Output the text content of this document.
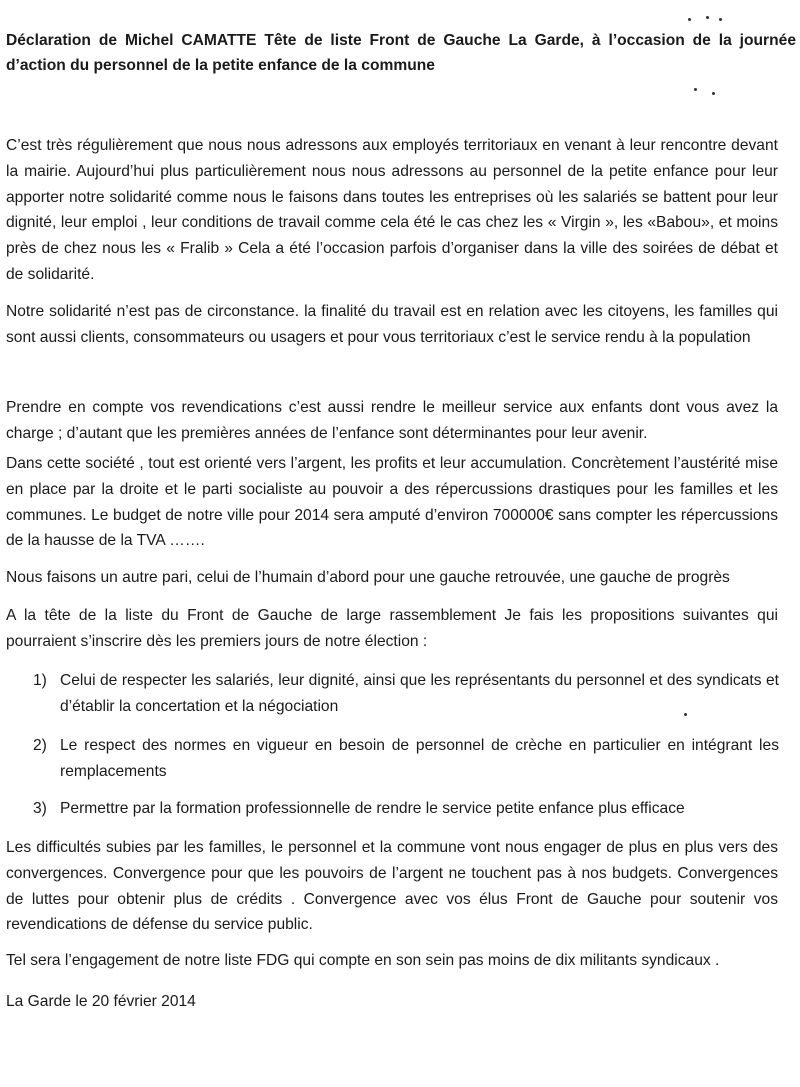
Déclaration de Michel CAMATTE Tête de liste Front de Gauche La Garde, à l’occasion de la journée d’action du personnel de la petite enfance de la commune

C’est très régulièrement que nous nous adressons aux employés territoriaux en venant à leur rencontre devant la mairie. Aujourd’hui plus particulièrement nous nous adressons au personnel de la petite enfance pour leur apporter notre solidarité comme nous le faisons dans toutes les entreprises où les salariés se battent pour leur dignité, leur emploi , leur conditions de travail comme cela été le cas chez les « Virgin », les «Babou», et moins près de chez nous les « Fralib » Cela a été l’occasion parfois d’organiser dans la ville des soirées de débat et de solidarité.

Notre solidarité n’est pas de circonstance. la finalité du travail est en relation avec les citoyens, les familles qui sont aussi clients, consommateurs ou usagers et pour vous territoriaux c’est le service rendu à la population

Prendre en compte vos revendications c’est aussi rendre le meilleur service aux enfants dont vous avez la charge ; d’autant que les premières années de l’enfance sont déterminantes pour leur avenir.

Dans cette société , tout est orienté vers l’argent, les profits et leur accumulation. Concrètement l’austérité mise en place par la droite et le parti socialiste au pouvoir a des répercussions drastiques pour les familles et les communes. Le budget de notre ville pour 2014 sera amputé d’environ 700000€ sans compter les répercussions de la hausse de la TVA …….

Nous faisons un autre pari, celui de l’humain d’abord pour une gauche retrouvée, une gauche de progrès

A la tête de la liste du Front de Gauche de large rassemblement Je fais les propositions suivantes qui pourraient s’inscrire dès les premiers jours de notre élection :

1) Celui de respecter les salariés, leur dignité, ainsi que les représentants du personnel et des syndicats et d’établir la concertation et la négociation
2) Le respect des normes en vigueur en besoin de personnel de crèche en particulier en intégrant les remplacements
3) Permettre par la formation professionnelle de rendre le service petite enfance plus efficace

Les difficultés subies par les familles, le personnel et la commune vont nous engager de plus en plus vers des convergences. Convergence pour que les pouvoirs de l’argent ne touchent pas à nos budgets. Convergences de luttes pour obtenir plus de crédits . Convergence avec vos élus Front de Gauche pour soutenir vos revendications de défense du service public.

Tel sera l’engagement de notre liste FDG qui compte en son sein pas moins de dix militants syndicaux .

La Garde le 20 février 2014
